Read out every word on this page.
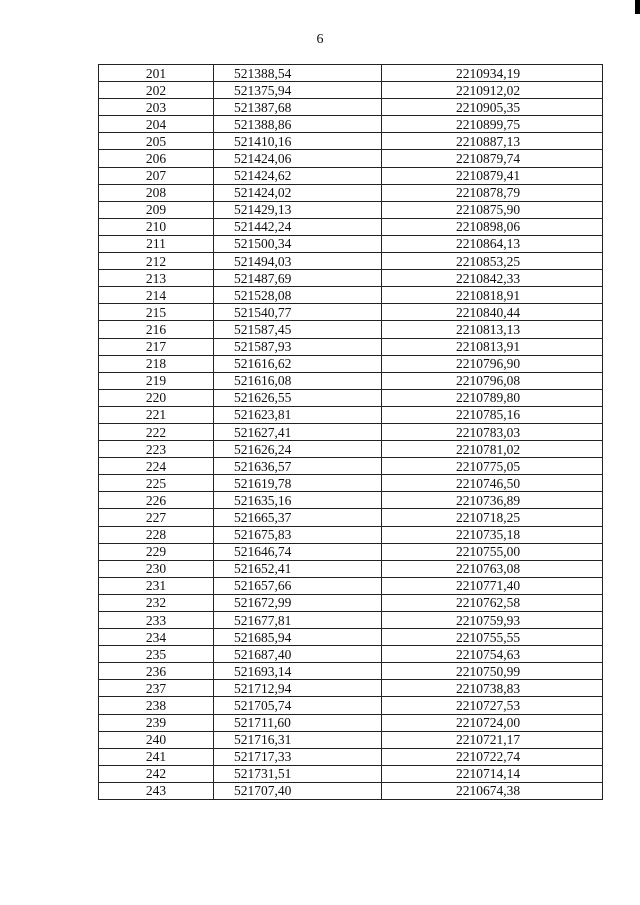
6
201	521388,54	2210934,19
202	521375,94	2210912,02
203	521387,68	2210905,35
204	521388,86	2210899,75
205	521410,16	2210887,13
206	521424,06	2210879,74
207	521424,62	2210879,41
208	521424,02	2210878,79
209	521429,13	2210875,90
210	521442,24	2210898,06
211	521500,34	2210864,13
212	521494,03	2210853,25
213	521487,69	2210842,33
214	521528,08	2210818,91
215	521540,77	2210840,44
216	521587,45	2210813,13
217	521587,93	2210813,91
218	521616,62	2210796,90
219	521616,08	2210796,08
220	521626,55	2210789,80
221	521623,81	2210785,16
222	521627,41	2210783,03
223	521626,24	2210781,02
224	521636,57	2210775,05
225	521619,78	2210746,50
226	521635,16	2210736,89
227	521665,37	2210718,25
228	521675,83	2210735,18
229	521646,74	2210755,00
230	521652,41	2210763,08
231	521657,66	2210771,40
232	521672,99	2210762,58
233	521677,81	2210759,93
234	521685,94	2210755,55
235	521687,40	2210754,63
236	521693,14	2210750,99
237	521712,94	2210738,83
238	521705,74	2210727,53
239	521711,60	2210724,00
240	521716,31	2210721,17
241	521717,33	2210722,74
242	521731,51	2210714,14
243	521707,40	2210674,38
